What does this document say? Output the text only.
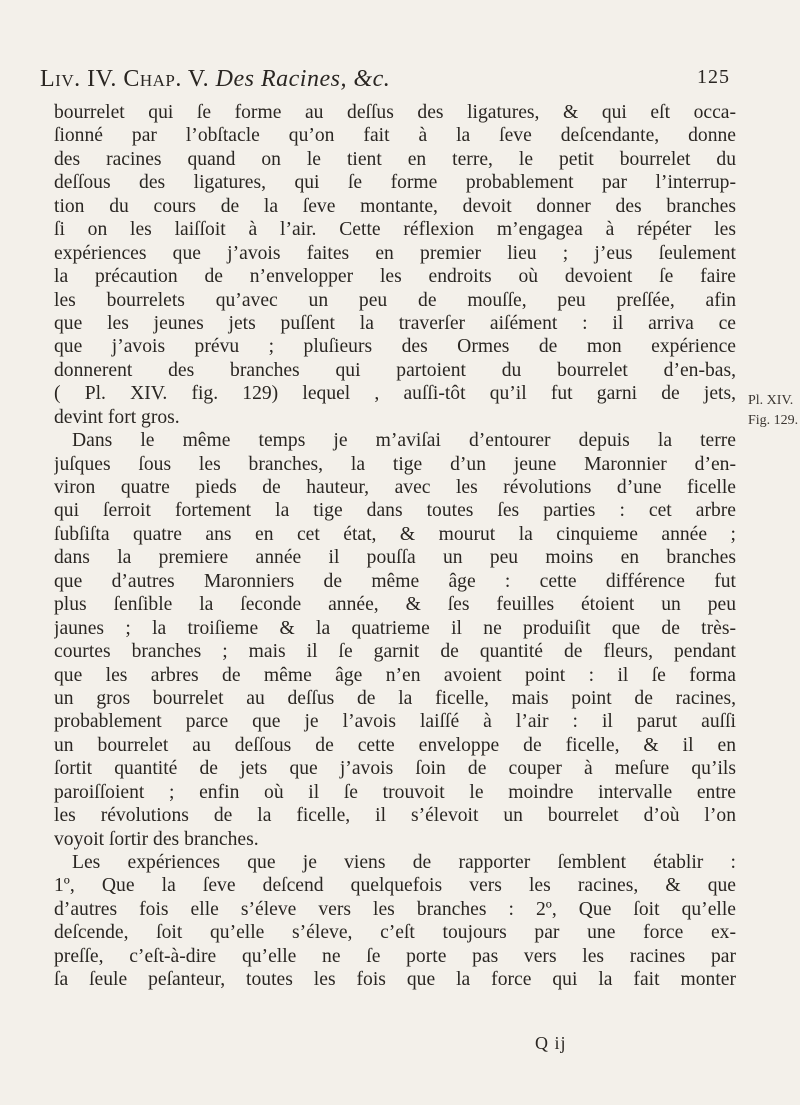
Liv. IV. Chap. V. Des Racines, &c.	125
bourrelet qui ſe forme au deſſus des ligatures, & qui eſt occa-
ſionné par l’obſtacle qu’on fait à la ſeve deſcendante, donne
des racines quand on le tient en terre, le petit bourrelet du
deſſous des ligatures, qui ſe forme probablement par l’interrup-
tion du cours de la ſeve montante, devoit donner des branches
ſi on les laiſſoit à l’air. Cette réflexion m’engagea à répéter les
expériences que j’avois faites en premier lieu ; j’eus ſeulement
la précaution de n’envelopper les endroits où devoient ſe faire
les bourrelets qu’avec un peu de mouſſe, peu preſſée, afin
que les jeunes jets puſſent la traverſer aiſément : il arriva ce
que j’avois prévu ; pluſieurs des Ormes de mon expérience
donnerent des branches qui partoient du bourrelet d’en-bas,
( Pl. XIV. fig. 129) lequel , auſſi-tôt qu’il fut garni de jets,
devint fort gros.
Dans le même temps je m’aviſai d’entourer depuis la terre
juſques ſous les branches, la tige d’un jeune Maronnier d’en-
viron quatre pieds de hauteur, avec les révolutions d’une ficelle
qui ſerroit fortement la tige dans toutes ſes parties : cet arbre
ſubſiſta quatre ans en cet état, & mourut la cinquieme année ;
dans la premiere année il pouſſa un peu moins en branches
que d’autres Maronniers de même âge : cette différence fut
plus ſenſible la ſeconde année, & ſes feuilles étoient un peu
jaunes ; la troiſieme & la quatrieme il ne produiſit que de très-
courtes branches ; mais il ſe garnit de quantité de fleurs, pendant
que les arbres de même âge n’en avoient point : il ſe forma
un gros bourrelet au deſſus de la ficelle, mais point de racines,
probablement parce que je l’avois laiſſé à l’air : il parut auſſi
un bourrelet au deſſous de cette enveloppe de ficelle, & il en
ſortit quantité de jets que j’avois ſoin de couper à meſure qu’ils
paroiſſoient ; enfin où il ſe trouvoit le moindre intervalle entre
les révolutions de la ficelle, il s’élevoit un bourrelet d’où l’on
voyoit ſortir des branches.
Les expériences que je viens de rapporter ſemblent établir :
1º, Que la ſeve deſcend quelquefois vers les racines, & que
d’autres fois elle s’éleve vers les branches : 2º, Que ſoit qu’elle
deſcende, ſoit qu’elle s’éleve, c’eſt toujours par une force ex-
preſſe, c’eſt-à-dire qu’elle ne ſe porte pas vers les racines par
ſa ſeule peſanteur, toutes les fois que la force qui la fait monter
Pl. XIV.
Fig. 129.
Q ij
